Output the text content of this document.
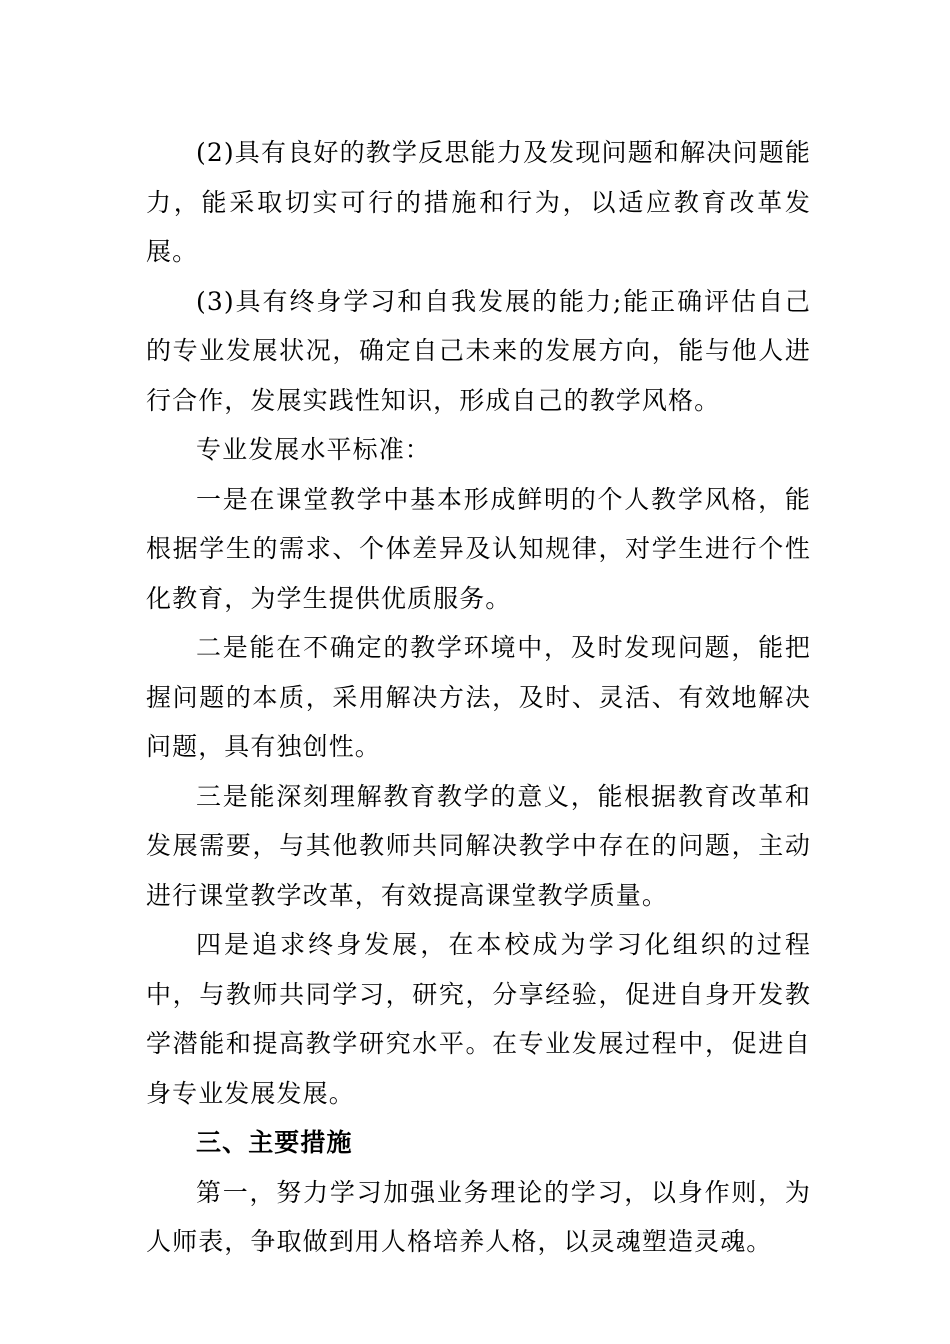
(2)具有良好的教学反思能力及发现问题和解决问题能力，能采取切实可行的措施和行为，以适应教育改革发展。

(3)具有终身学习和自我发展的能力;能正确评估自己的专业发展状况，确定自己未来的发展方向，能与他人进行合作，发展实践性知识，形成自己的教学风格。

专业发展水平标准：

一是在课堂教学中基本形成鲜明的个人教学风格，能根据学生的需求、个体差异及认知规律，对学生进行个性化教育，为学生提供优质服务。

二是能在不确定的教学环境中，及时发现问题，能把握问题的本质，采用解决方法，及时、灵活、有效地解决问题，具有独创性。

三是能深刻理解教育教学的意义，能根据教育改革和发展需要，与其他教师共同解决教学中存在的问题，主动进行课堂教学改革，有效提高课堂教学质量。

四是追求终身发展，在本校成为学习化组织的过程中，与教师共同学习，研究，分享经验，促进自身开发教学潜能和提高教学研究水平。在专业发展过程中，促进自身专业发展发展。

三、主要措施

第一，努力学习加强业务理论的学习，以身作则，为人师表，争取做到用人格培养人格，以灵魂塑造灵魂。
